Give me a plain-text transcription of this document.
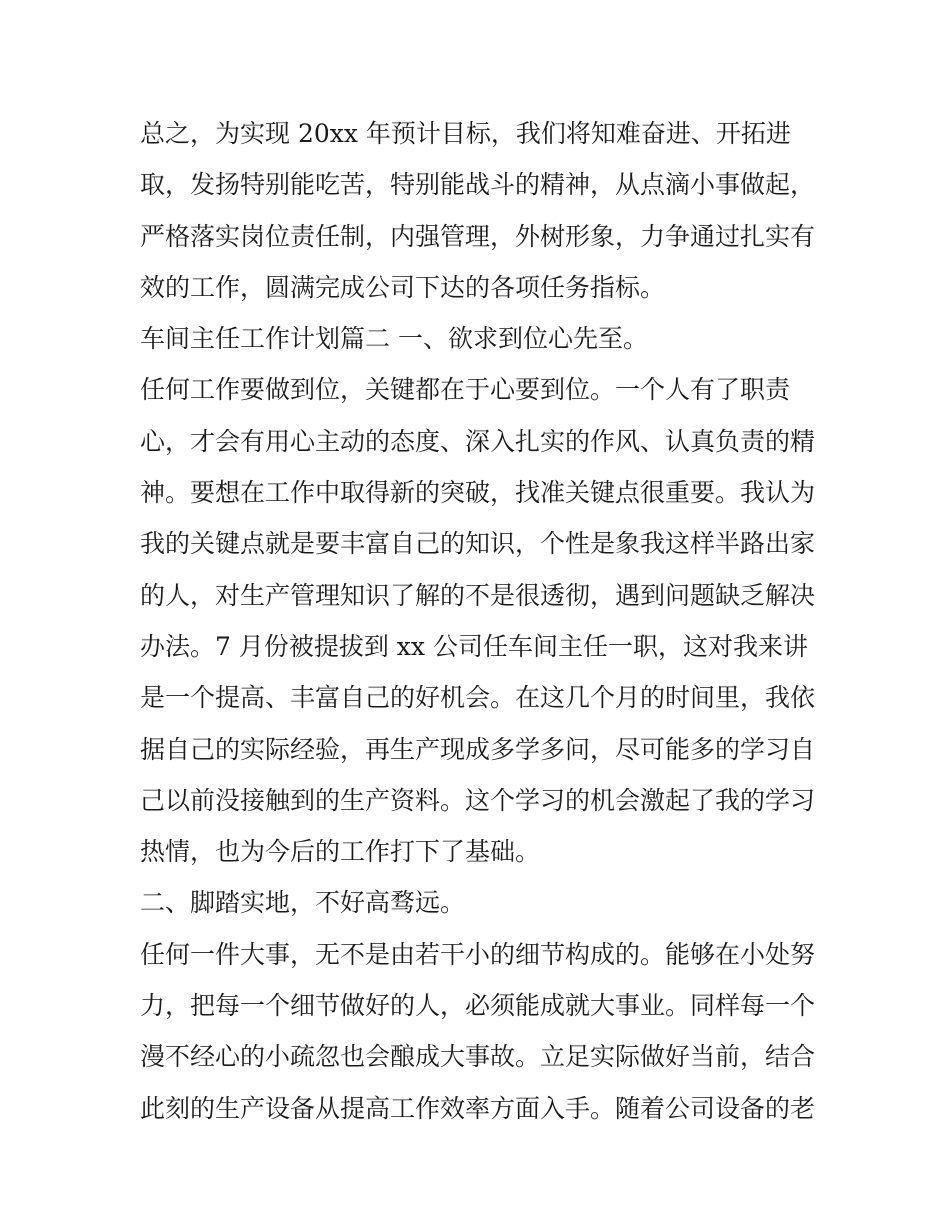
总之，为实现 20xx 年预计目标，我们将知难奋进、开拓进
取，发扬特别能吃苦，特别能战斗的精神，从点滴小事做起，
严格落实岗位责任制，内强管理，外树形象，力争通过扎实有
效的工作，圆满完成公司下达的各项任务指标。
车间主任工作计划篇二 一、欲求到位心先至。
任何工作要做到位，关键都在于心要到位。一个人有了职责
心，才会有用心主动的态度、深入扎实的作风、认真负责的精
神。要想在工作中取得新的突破，找准关键点很重要。我认为
我的关键点就是要丰富自己的知识，个性是象我这样半路出家
的人，对生产管理知识了解的不是很透彻，遇到问题缺乏解决
办法。7 月份被提拔到 xx 公司任车间主任一职，这对我来讲
是一个提高、丰富自己的好机会。在这几个月的时间里，我依
据自己的实际经验，再生产现成多学多问，尽可能多的学习自
己以前没接触到的生产资料。这个学习的机会激起了我的学习
热情，也为今后的工作打下了基础。
二、脚踏实地，不好高骛远。
任何一件大事，无不是由若干小的细节构成的。能够在小处努
力，把每一个细节做好的人，必须能成就大事业。同样每一个
漫不经心的小疏忽也会酿成大事故。立足实际做好当前，结合
此刻的生产设备从提高工作效率方面入手。随着公司设备的老
